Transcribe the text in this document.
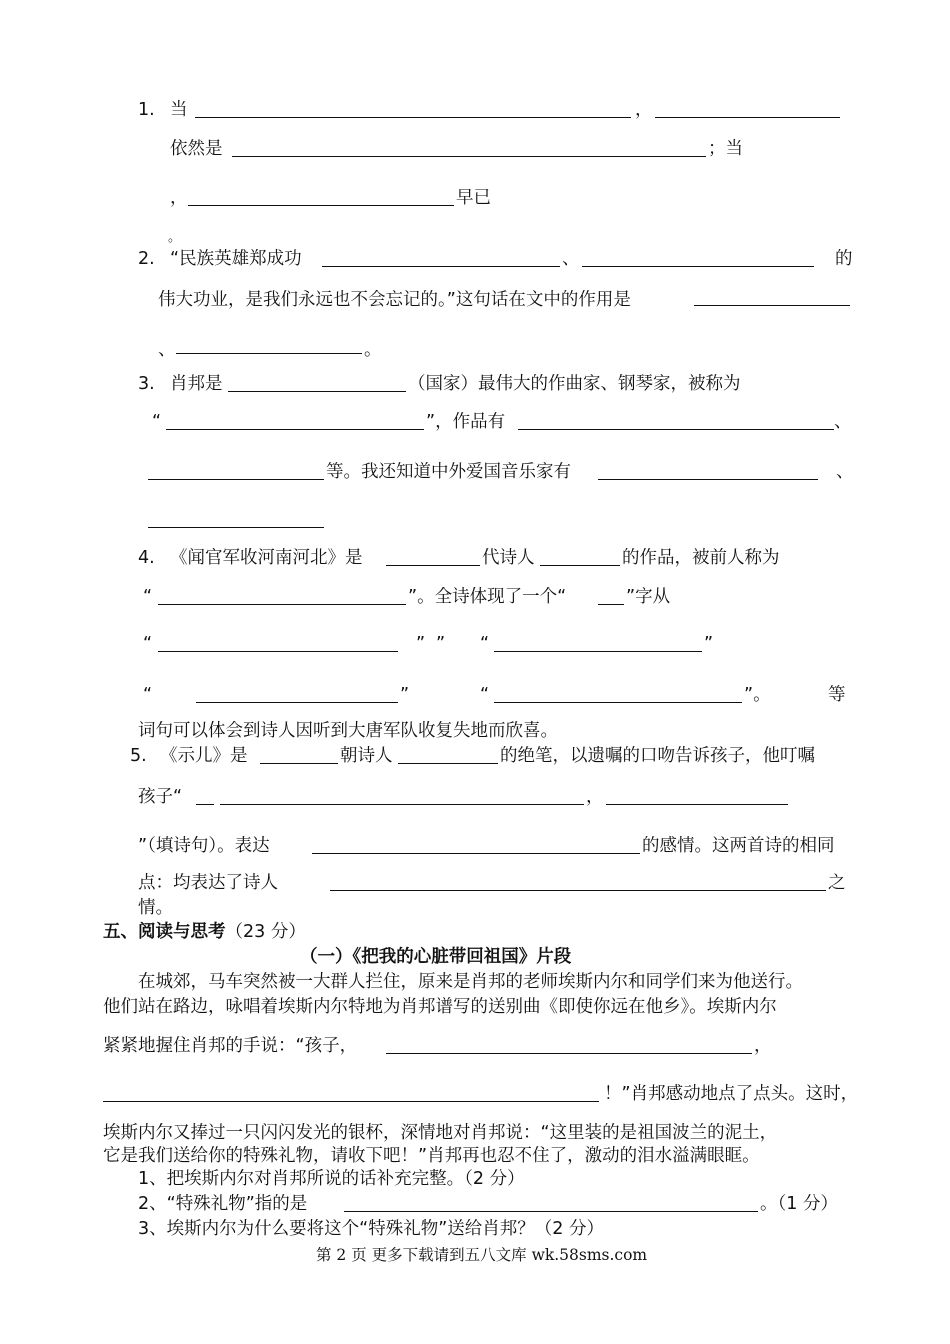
1. 当	，
依然是	；当
，	早已
。
2. “民族英雄郑成功	、	的
伟大功业，是我们永远也不会忘记的。”这句话在文中的作用是
、	。
3. 肖邦是	（国家）最伟大的作曲家、钢琴家，被称为
“	”，作品有	、
等。我还知道中外爱国音乐家有	、
4. 《闻官军收河南河北》是	代诗人	的作品，被前人称为
“	”。全诗体现了一个“	”字从
“	” ” “	”
“	”	“	”。	等
词句可以体会到诗人因听到大唐军队收复失地而欣喜。
5. 《示儿》是	朝诗人	的绝笔，以遗嘱的口吻告诉孩子，他叮嘱
孩子“	，
”（填诗句）。表达	的感情。这两首诗的相同
点：均表达了诗人	之
情。
五、阅读与思考（23 分）
（一）《把我的心脏带回祖国》片段
在城郊，马车突然被一大群人拦住，原来是肖邦的老师埃斯内尔和同学们来为他送行。
他们站在路边，咏唱着埃斯内尔特地为肖邦谱写的送别曲《即使你远在他乡》。埃斯内尔
紧紧地握住肖邦的手说：“孩子，	，
！”肖邦感动地点了点头。这时，
埃斯内尔又捧过一只闪闪发光的银杯，深情地对肖邦说：“这里装的是祖国波兰的泥土，
它是我们送给你的特殊礼物，请收下吧！”肖邦再也忍不住了，激动的泪水溢满眼眶。
1、把埃斯内尔对肖邦所说的话补充完整。（2 分）
2、“特殊礼物”指的是	。（1 分）
3、埃斯内尔为什么要将这个“特殊礼物”送给肖邦？（2 分）
第 2 页 更多下载请到五八文库 wk.58sms.com
